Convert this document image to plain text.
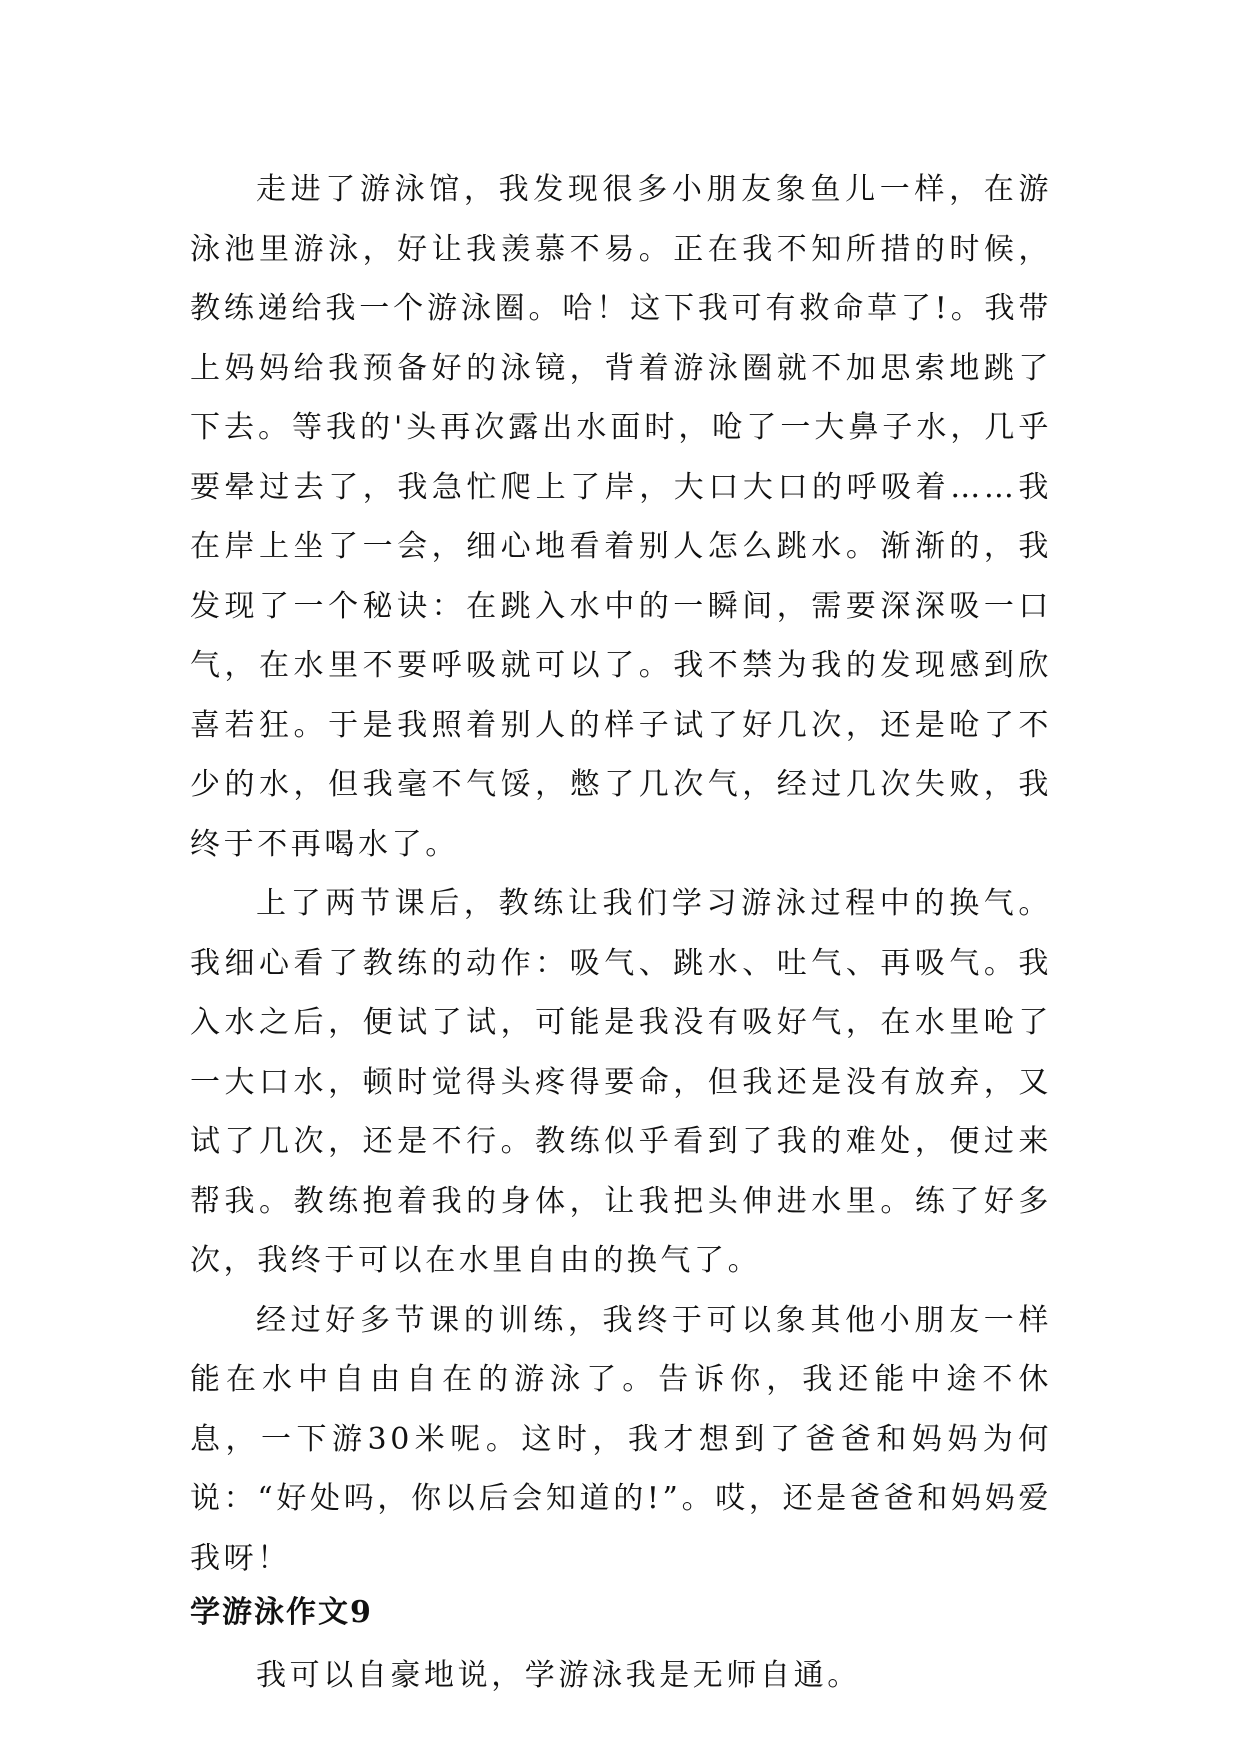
走进了游泳馆，我发现很多小朋友象鱼儿一样，在游泳池里游泳，好让我羡慕不易。正在我不知所措的时候，教练递给我一个游泳圈。哈！这下我可有救命草了!。我带上妈妈给我预备好的泳镜，背着游泳圈就不加思索地跳了下去。等我的'头再次露出水面时，呛了一大鼻子水，几乎要晕过去了，我急忙爬上了岸，大口大口的呼吸着……我在岸上坐了一会，细心地看着别人怎么跳水。渐渐的，我发现了一个秘诀：在跳入水中的一瞬间，需要深深吸一口气，在水里不要呼吸就可以了。我不禁为我的发现感到欣喜若狂。于是我照着别人的样子试了好几次，还是呛了不少的水，但我毫不气馁，憋了几次气，经过几次失败，我终于不再喝水了。

上了两节课后，教练让我们学习游泳过程中的换气。我细心看了教练的动作：吸气、跳水、吐气、再吸气。我入水之后，便试了试，可能是我没有吸好气，在水里呛了一大口水，顿时觉得头疼得要命，但我还是没有放弃，又试了几次，还是不行。教练似乎看到了我的难处，便过来帮我。教练抱着我的身体，让我把头伸进水里。练了好多次，我终于可以在水里自由的换气了。

经过好多节课的训练，我终于可以象其他小朋友一样能在水中自由自在的游泳了。告诉你，我还能中途不休息，一下游30米呢。这时，我才想到了爸爸和妈妈为何说：“好处吗，你以后会知道的!”。哎，还是爸爸和妈妈爱我呀！

学游泳作文9

我可以自豪地说，学游泳我是无师自通。
